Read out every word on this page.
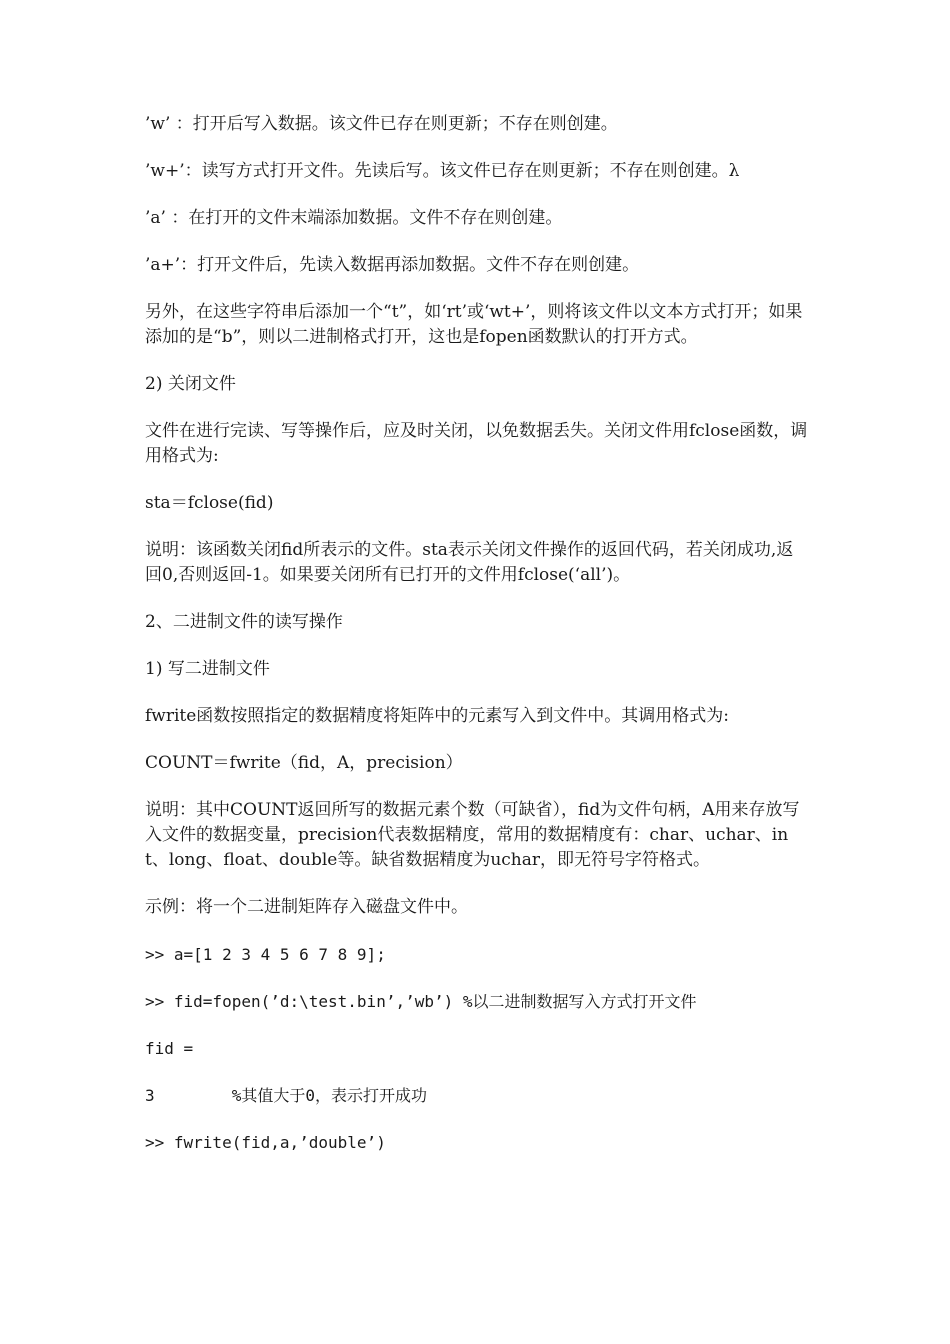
’w’ ：打开后写入数据。该文件已存在则更新；不存在则创建。

’w+’：读写方式打开文件。先读后写。该文件已存在则更新；不存在则创建。λ

’a’ ：在打开的文件末端添加数据。文件不存在则创建。

’a+’：打开文件后，先读入数据再添加数据。文件不存在则创建。

另外，在这些字符串后添加一个“t”，如‘rt’或‘wt+’，则将该文件以文本方式打开；如果添加的是“b”，则以二进制格式打开，这也是fopen函数默认的打开方式。

2) 关闭文件

文件在进行完读、写等操作后，应及时关闭，以免数据丢失。关闭文件用fclose函数，调用格式为:

sta＝fclose(fid)

说明：该函数关闭fid所表示的文件。sta表示关闭文件操作的返回代码，若关闭成功,返回0,否则返回-1。如果要关闭所有已打开的文件用fclose(‘all’)。

2、二进制文件的读写操作

1) 写二进制文件

fwrite函数按照指定的数据精度将矩阵中的元素写入到文件中。其调用格式为:

COUNT＝fwrite（fid，A，precision）

说明：其中COUNT返回所写的数据元素个数（可缺省），fid为文件句柄，A用来存放写入文件的数据变量，precision代表数据精度，常用的数据精度有：char、uchar、int、long、float、double等。缺省数据精度为uchar，即无符号字符格式。

示例：将一个二进制矩阵存入磁盘文件中。

>> a=[1 2 3 4 5 6 7 8 9];

>> fid=fopen(’d:\test.bin’,’wb’) %以二进制数据写入方式打开文件

fid =

3        %其值大于0，表示打开成功

>> fwrite(fid,a,’double’)
